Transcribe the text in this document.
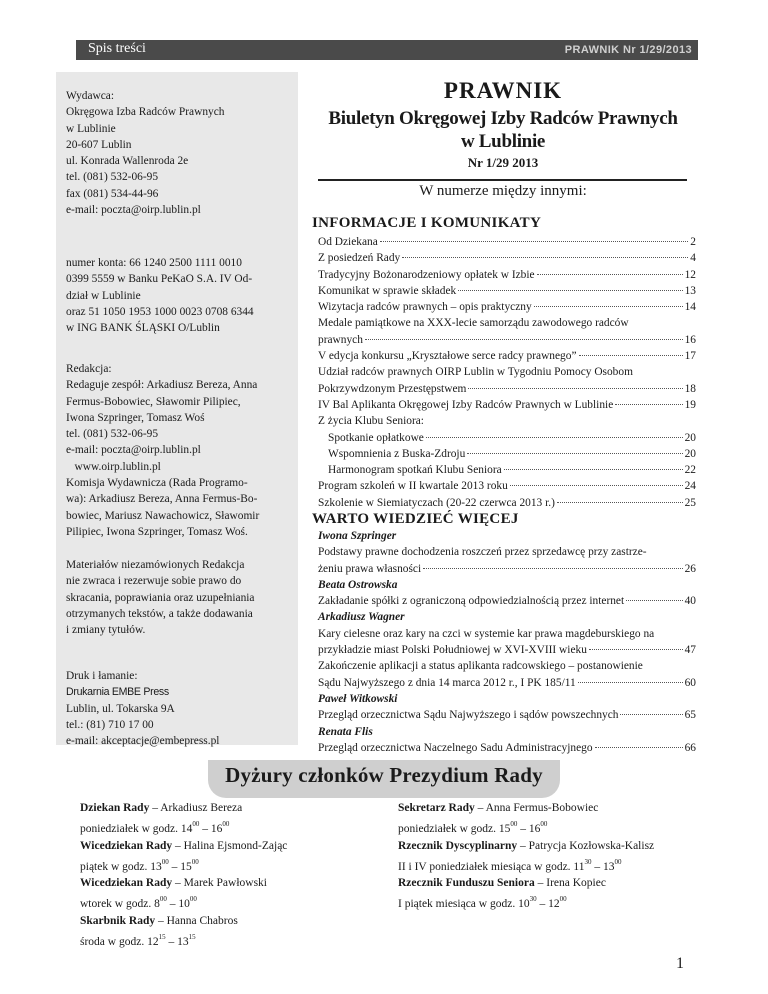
Spis treści	PRAWNIK Nr 1/29/2013
Wydawca:
Okręgowa Izba Radców Prawnych
w Lublinie
20-607 Lublin
ul. Konrada Wallenroda 2e
tel. (081) 532-06-95
fax (081) 534-44-96
e-mail: poczta@oirp.lublin.pl
numer konta: 66 1240 2500 1111 0010
0399 5559 w Banku PeKaO S.A. IV Od-
dział w Lublinie
oraz 51 1050 1953 1000 0023 0708 6344
w ING BANK ŚLĄSKI O/Lublin
Redakcja:
Redaguje zespół: Arkadiusz Bereza, Anna
Fermus-Bobowiec, Sławomir Pilipiec,
Iwona Szpringer, Tomasz Woś
tel. (081) 532-06-95
e-mail: poczta@oirp.lublin.pl
www.oirp.lublin.pl
Komisja Wydawnicza (Rada Programo-
wa): Arkadiusz Bereza, Anna Fermus-Bo-
bowiec, Mariusz Nawachowicz, Sławomir
Pilipiec, Iwona Szpringer, Tomasz Woś.
Materiałów niezamówionych Redakcja
nie zwraca i rezerwuje sobie prawo do
skracania, poprawiania oraz uzupełniania
otrzymanych tekstów, a także dodawania
i zmiany tytułów.
Druk i łamanie:
Drukarnia EMBE Press
Lublin, ul. Tokarska 9A
tel.: (81) 710 17 00
e-mail: akceptacje@embepress.pl
PRAWNIK
Biuletyn Okręgowej Izby Radców Prawnych
w Lublinie
Nr 1/29 2013
W numerze między innymi:
INFORMACJE I KOMUNIKATY
Od Dziekana	2
Z posiedzeń Rady	4
Tradycyjny Bożonarodzeniowy opłatek w Izbie	12
Komunikat w sprawie składek	13
Wizytacja radców prawnych – opis praktyczny	14
Medale pamiątkowe na XXX-lecie samorządu zawodowego radców
prawnych	16
V edycja konkursu „Kryształowe serce radcy prawnego”	17
Udział radców prawnych OIRP Lublin w Tygodniu Pomocy Osobom
Pokrzywdzonym Przestępstwem	18
IV Bal Aplikanta Okręgowej Izby Radców Prawnych w Lublinie	19
Z życia Klubu Seniora:
Spotkanie opłatkowe	20
Wspomnienia z Buska-Zdroju	20
Harmonogram spotkań Klubu Seniora	22
Program szkoleń w II kwartale 2013 roku	24
Szkolenie w Siemiatyczach (20-22 czerwca 2013 r.)	25
WARTO WIEDZIEĆ WIĘCEJ
Iwona Szpringer
Podstawy prawne dochodzenia roszczeń przez sprzedawcę przy zastrze-
żeniu prawa własności	26
Beata Ostrowska
Zakładanie spółki z ograniczoną odpowiedzialnością przez internet	40
Arkadiusz Wagner
Kary cielesne oraz kary na czci w systemie kar prawa magdeburskiego na
przykładzie miast Polski Południowej w XVI-XVIII wieku	47
Zakończenie aplikacji a status aplikanta radcowskiego – postanowienie
Sądu Najwyższego z dnia 14 marca 2012 r., I PK 185/11	60
Paweł Witkowski
Przegląd orzecznictwa Sądu Najwyższego i sądów powszechnych	65
Renata Flis
Przegląd orzecznictwa Naczelnego Sadu Administracyjnego	66
Dyżury członków Prezydium Rady
Dziekan Rady – Arkadiusz Bereza
poniedziałek w godz. $14^{00} - 16^{00}$
Wicedziekan Rady – Halina Ejsmond-Zając
piątek w godz. $13^{00} - 15^{00}$
Wicedziekan Rady – Marek Pawłowski
wtorek w godz. $8^{00} - 10^{00}$
Skarbnik Rady – Hanna Chabros
środa w godz. $12^{15} - 13^{15}$
Sekretarz Rady – Anna Fermus-Bobowiec
poniedziałek w godz. $15^{00} - 16^{00}$
Rzecznik Dyscyplinarny – Patrycja Kozłowska-Kalisz
II i IV poniedziałek miesiąca w godz. $11^{30} - 13^{00}$
Rzecznik Funduszu Seniora – Irena Kopiec
I piątek miesiąca w godz. $10^{30} - 12^{00}$
1
